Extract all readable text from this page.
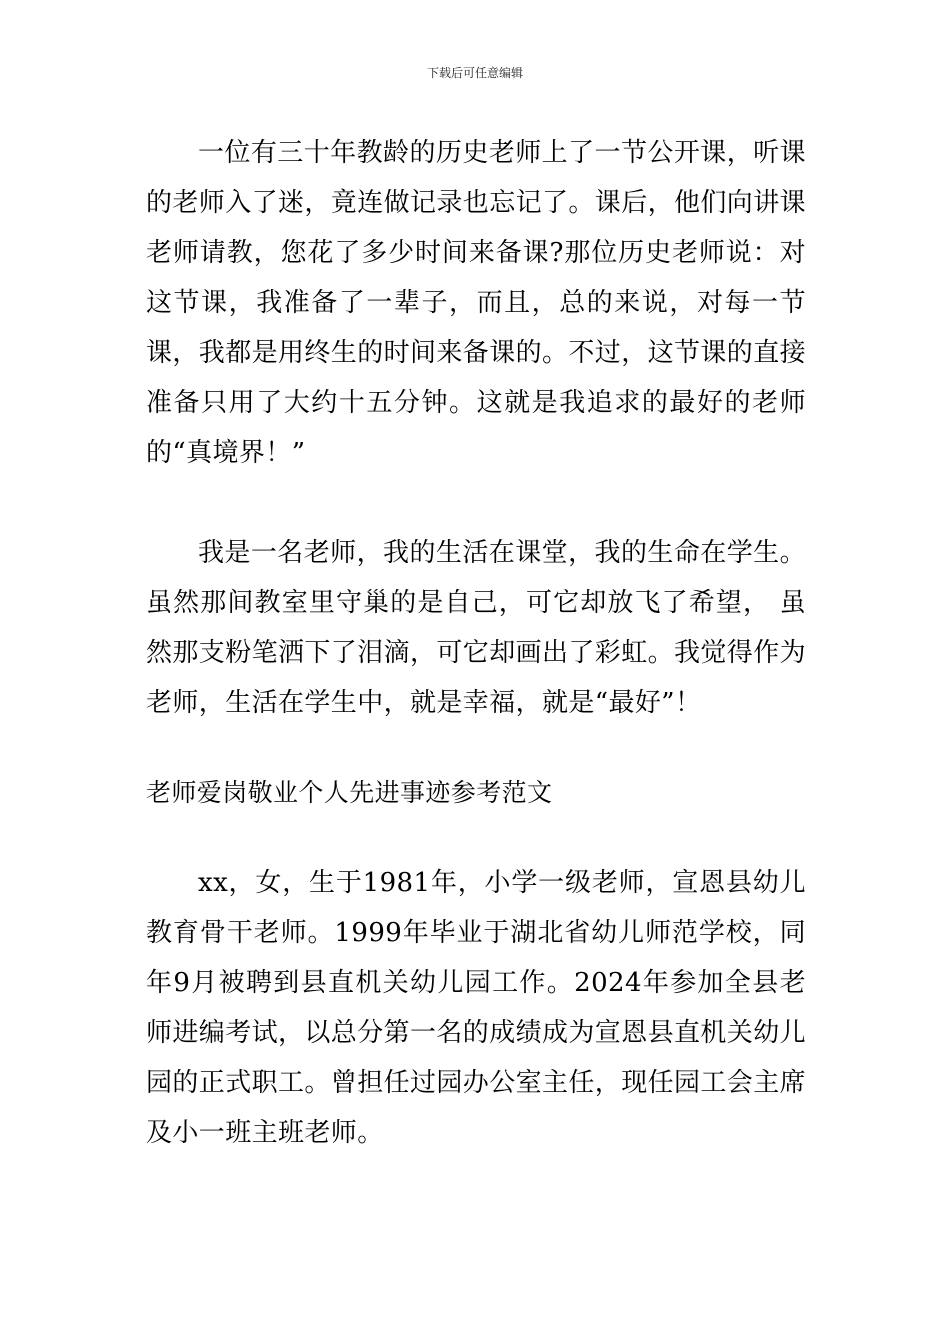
下载后可任意编辑

一位有三十年教龄的历史老师上了一节公开课，听课的老师入了迷，竟连做记录也忘记了。课后，他们向讲课老师请教，您花了多少时间来备课?那位历史老师说：对这节课，我准备了一辈子，而且，总的来说，对每一节课，我都是用终生的时间来备课的。不过，这节课的直接准备只用了大约十五分钟。这就是我追求的最好的老师的“真境界！”

我是一名老师，我的生活在课堂，我的生命在学生。虽然那间教室里守巢的是自己，可它却放飞了希望， 虽然那支粉笔洒下了泪滴，可它却画出了彩虹。我觉得作为老师，生活在学生中，就是幸福，就是“最好”！

老师爱岗敬业个人先进事迹参考范文

xx，女，生于1981年，小学一级老师，宣恩县幼儿教育骨干老师。1999年毕业于湖北省幼儿师范学校，同年9月被聘到县直机关幼儿园工作。2024年参加全县老师进编考试，以总分第一名的成绩成为宣恩县直机关幼儿园的正式职工。曾担任过园办公室主任，现任园工会主席及小一班主班老师。
